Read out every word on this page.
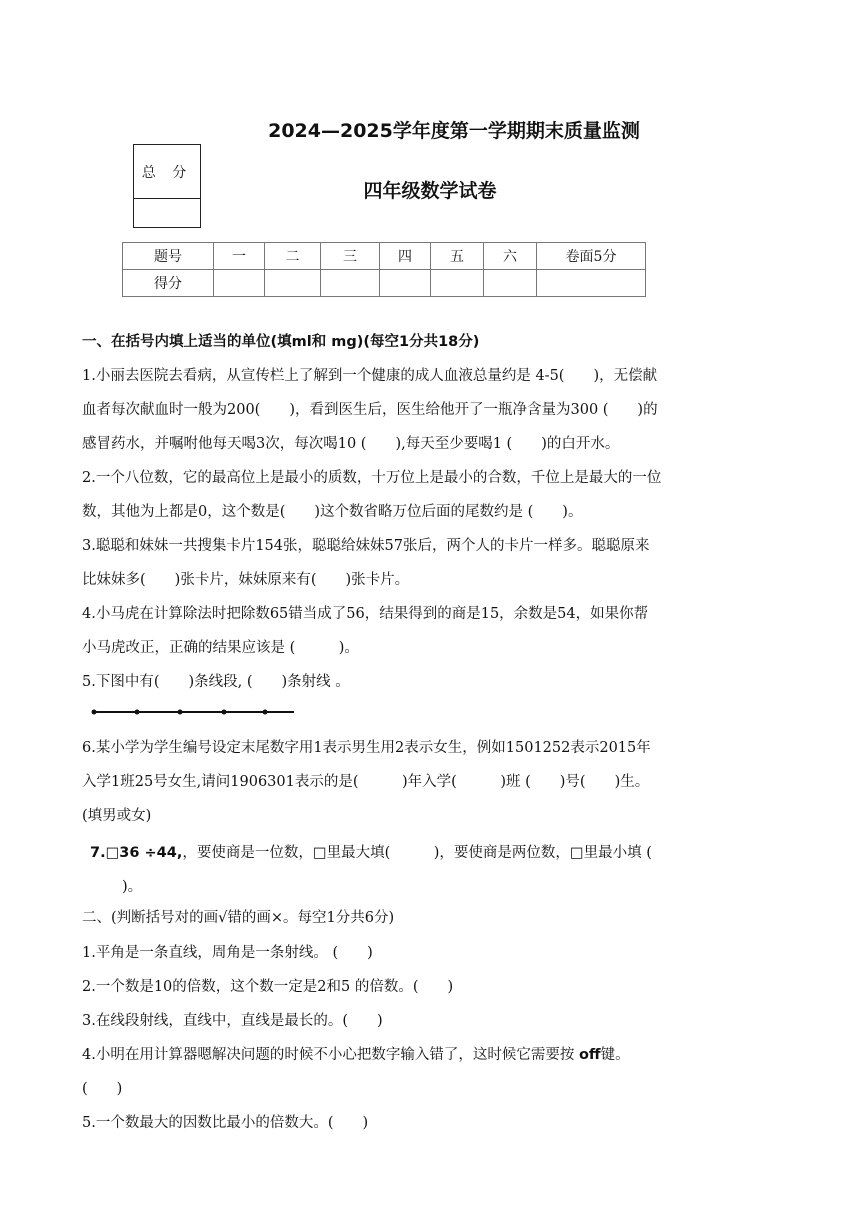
2024—2025学年度第一学期期末质量监测
总 分
四年级数学试卷
题号	一	二	三	四	五	六	卷面5分
得分							
一、在括号内填上适当的单位(填ml和 mg)(每空1分共18分)
1.小丽去医院去看病，从宣传栏上了解到一个健康的成人血液总量约是 4-5(　　)，无偿献
血者每次献血时一般为200(　　)，看到医生后，医生给他开了一瓶净含量为300 (　　)的
感冒药水，并嘱咐他每天喝3次，每次喝10 (　　),每天至少要喝1 (　　)的白开水。
2.一个八位数，它的最高位上是最小的质数，十万位上是最小的合数，千位上是最大的一位
数，其他为上都是0，这个数是(　　)这个数省略万位后面的尾数约是 (　　)。
3.聪聪和妹妹一共搜集卡片154张，聪聪给妹妹57张后，两个人的卡片一样多。聪聪原来
比妹妹多(　　)张卡片，妹妹原来有(　　)张卡片。
4.小马虎在计算除法时把除数65错当成了56，结果得到的商是15，余数是54，如果你帮
小马虎改正，正确的结果应该是 (　　　)。
5.下图中有(　　)条线段, (　　)条射线 。
6.某小学为学生编号设定末尾数字用1表示男生用2表示女生，例如1501252表示2015年
入学1班25号女生,请问1906301表示的是(　　　)年入学(　　　)班 (　　)号(　　)生。
(填男或女)
7.□36 ÷44,，要使商是一位数，□里最大填(　　　)，要使商是两位数，□里最小填 (
)。
二、(判断括号对的画√错的画×。每空1分共6分)
1.平角是一条直线，周角是一条射线。 (　　)
2.一个数是10的倍数，这个数一定是2和5 的倍数。(　　)
3.在线段射线，直线中，直线是最长的。(　　)
4.小明在用计算器嗯解决问题的时候不小心把数字输入错了，这时候它需要按 off键。
(　　)
5.一个数最大的因数比最小的倍数大。(　　)
